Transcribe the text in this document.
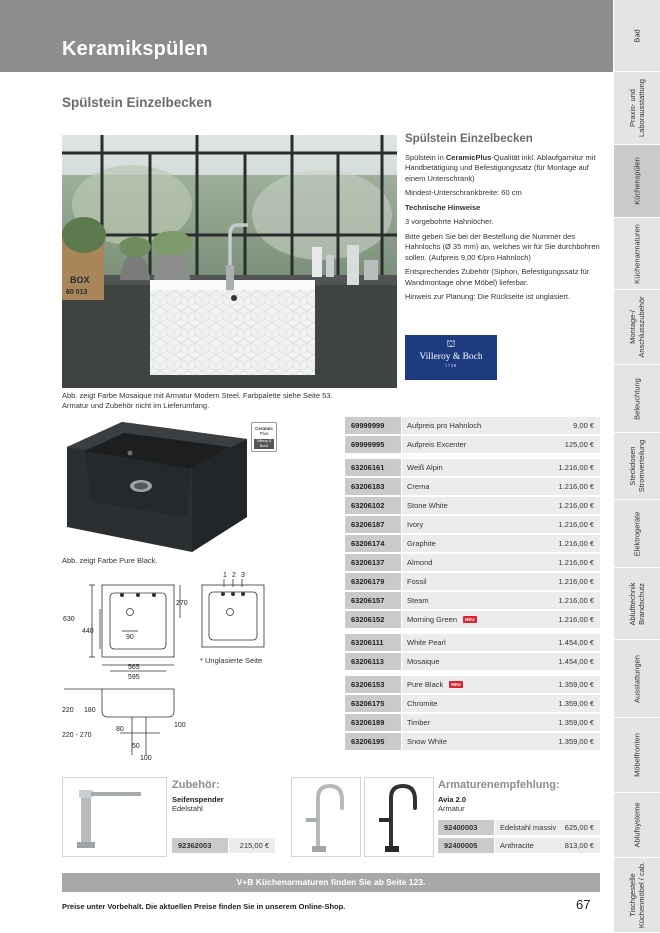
Keramikspülen
Bad
Praxis- und
Laborausstattung
Küchenspülen
Küchenarmaturen
Montage-/
Anschlusszubehör
Beleuchtung
Steckdosen
Stromverteilung
Elektrogeräte
Ablufttechnik
Brandschutz
Ausstattungen
Möbelfronten
Ablufsysteme
Tischgestelle
Küchenmöbel / cab.
Spülstein Einzelbecken
BOX
60 013
Abb. zeigt Farbe Mosaique mit Armatur Modern Steel. Farbpalette siehe Seite 53.
Armatur und Zubehör nicht im Lieferumfang.
Spülstein Einzelbecken

Spülstein in CeramicPlus-Qualität inkl. Ablaufgarnitur mit Handbetätigung und Befestigungssatz (für Montage auf einem Unterschrank)

Mindest-Unterschrankbreite: 60 cm

Technische Hinweise

3 vorgebohrte Hahnlöcher.

Bitte geben Sie bei der Bestellung die Nummer des Hahnlochs (Ø 35 mm) an, welches wir für Sie durchbohren sollen. (Aufpreis 9,00 €/pro Hahnloch)

Entsprechendes Zubehör (Siphon, Befestigungssatz für Wandmontage ohne Möbel) lieferbar.

Hinweis zur Planung: Die Rückseite ist unglasiert.

⛫
Villeroy & Boch
1748
Ceramic
Plus
Villeroy & Boch
Abb. zeigt Farbe Pure Black.
630
440
90
270
565
595
1 2 3
220 180
220 - 270
80
50
100
100
* Unglasierte Seite
69999999	Aufpreis pro Hahnloch	9,00 €
69999995	Aufpreis Excenter	125,00 €
63206161	Weiß Alpin	1.216,00 €
63206183	Crema	1.216,00 €
63206102	Stone White	1.216,00 €
63206187	Ivory	1.216,00 €
63206174	Graphite	1.216,00 €
63206137	Almond	1.216,00 €
63206179	Fossil	1.216,00 €
63206157	Steam	1.216,00 €
63206152	Morning Green NEU	1.216,00 €
63206111	White Pearl	1.454,00 €
63206113	Mosaique	1.454,00 €
63206153	Pure Black NEU	1.359,00 €
63206175	Chromite	1.359,00 €
63206189	Timber	1.359,00 €
63206195	Snow White	1.359,00 €
Zubehör:
Seifenspender
Edelstahl
92362003	215,00 €
Armaturenempfehlung:
Avia 2.0
Armatur
92400003	Edelstahl massiv 625,00 €
92400005	Anthracite	813,00 €
V+B Küchenarmaturen finden Sie ab Seite 123.
Preise unter Vorbehalt. Die aktuellen Preise finden Sie in unserem Online-Shop.	67
